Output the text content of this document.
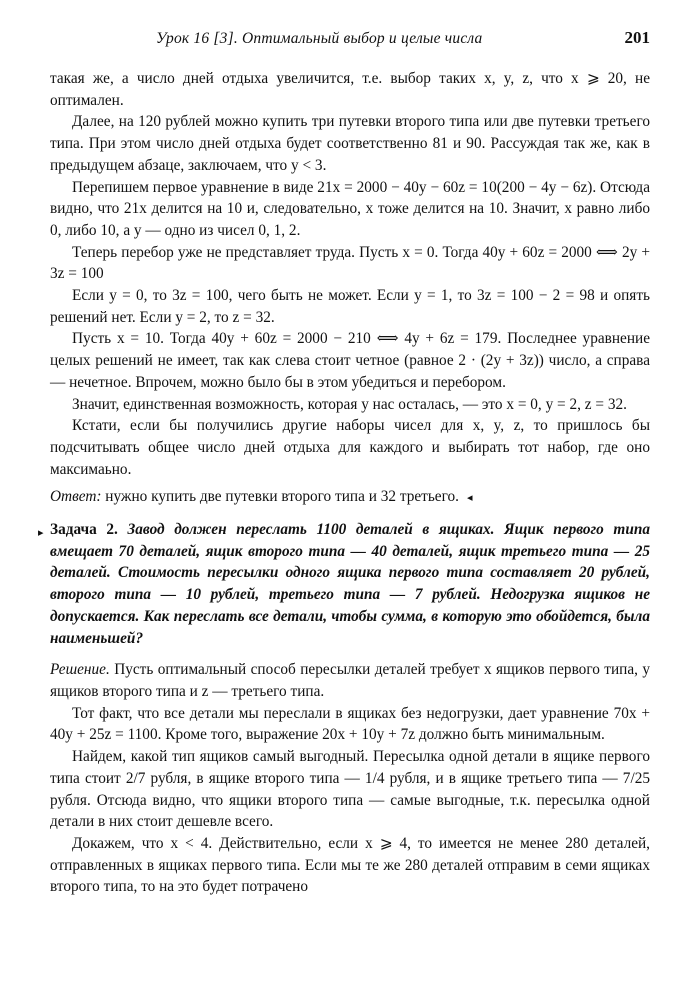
Урок 16 [3]. Оптимальный выбор и целые числа	201

такая же, а число дней отдыха увеличится, т.е. выбор таких x, y, z, что x ⩾ 20, не оптимален.

Далее, на 120 рублей можно купить три путевки второго типа или две путевки третьего типа. При этом число дней отдыха будет соответственно 81 и 90. Рассуждая так же, как в предыдущем абзаце, заключаем, что y < 3.

Перепишем первое уравнение в виде 21x = 2000 − 40y − 60z = 10(200 − 4y − 6z). Отсюда видно, что 21x делится на 10 и, следовательно, x тоже делится на 10. Значит, x равно либо 0, либо 10, а y — одно из чисел 0, 1, 2.

Теперь перебор уже не представляет труда. Пусть x = 0. Тогда 40y + 60z = 2000 ⟺ 2y + 3z = 100

Если y = 0, то 3z = 100, чего быть не может. Если y = 1, то 3z = 100 − 2 = 98 и опять решений нет. Если y = 2, то z = 32.

Пусть x = 10. Тогда 40y + 60z = 2000 − 210 ⟺ 4y + 6z = 179. Последнее уравнение целых решений не имеет, так как слева стоит четное (равное 2 · (2y + 3z)) число, а справа — нечетное. Впрочем, можно было бы в этом убедиться и перебором.

Значит, единственная возможность, которая у нас осталась, — это x = 0, y = 2, z = 32.

Кстати, если бы получились другие наборы чисел для x, y, z, то пришлось бы подсчитывать общее число дней отдыха для каждого и выбирать тот набор, где оно максимаьно.

Ответ: нужно купить две путевки второго типа и 32 третьего. ◂

▸ Задача 2. Завод должен переслать 1100 деталей в ящиках. Ящик первого типа вмещает 70 деталей, ящик второго типа — 40 деталей, ящик третьего типа — 25 деталей. Стоимость пересылки одного ящика первого типа составляет 20 рублей, второго типа — 10 рублей, третьего типа — 7 рублей. Недогрузка ящиков не допускается. Как переслать все детали, чтобы сумма, в которую это обойдется, была наименьшей?

Решение. Пусть оптимальный способ пересылки деталей требует x ящиков первого типа, y ящиков второго типа и z — третьего типа.

Тот факт, что все детали мы переслали в ящиках без недогрузки, дает уравнение 70x + 40y + 25z = 1100. Кроме того, выражение 20x + 10y + 7z должно быть минимальным.

Найдем, какой тип ящиков самый выгодный. Пересылка одной детали в ящике первого типа стоит 2/7 рубля, в ящике второго типа — 1/4 рубля, и в ящике третьего типа — 7/25 рубля. Отсюда видно, что ящики второго типа — самые выгодные, т.к. пересылка одной детали в них стоит дешевле всего.

Докажем, что x < 4. Действительно, если x ⩾ 4, то имеется не менее 280 деталей, отправленных в ящиках первого типа. Если мы те же 280 деталей отправим в семи ящиках второго типа, то на это будет потрачено
